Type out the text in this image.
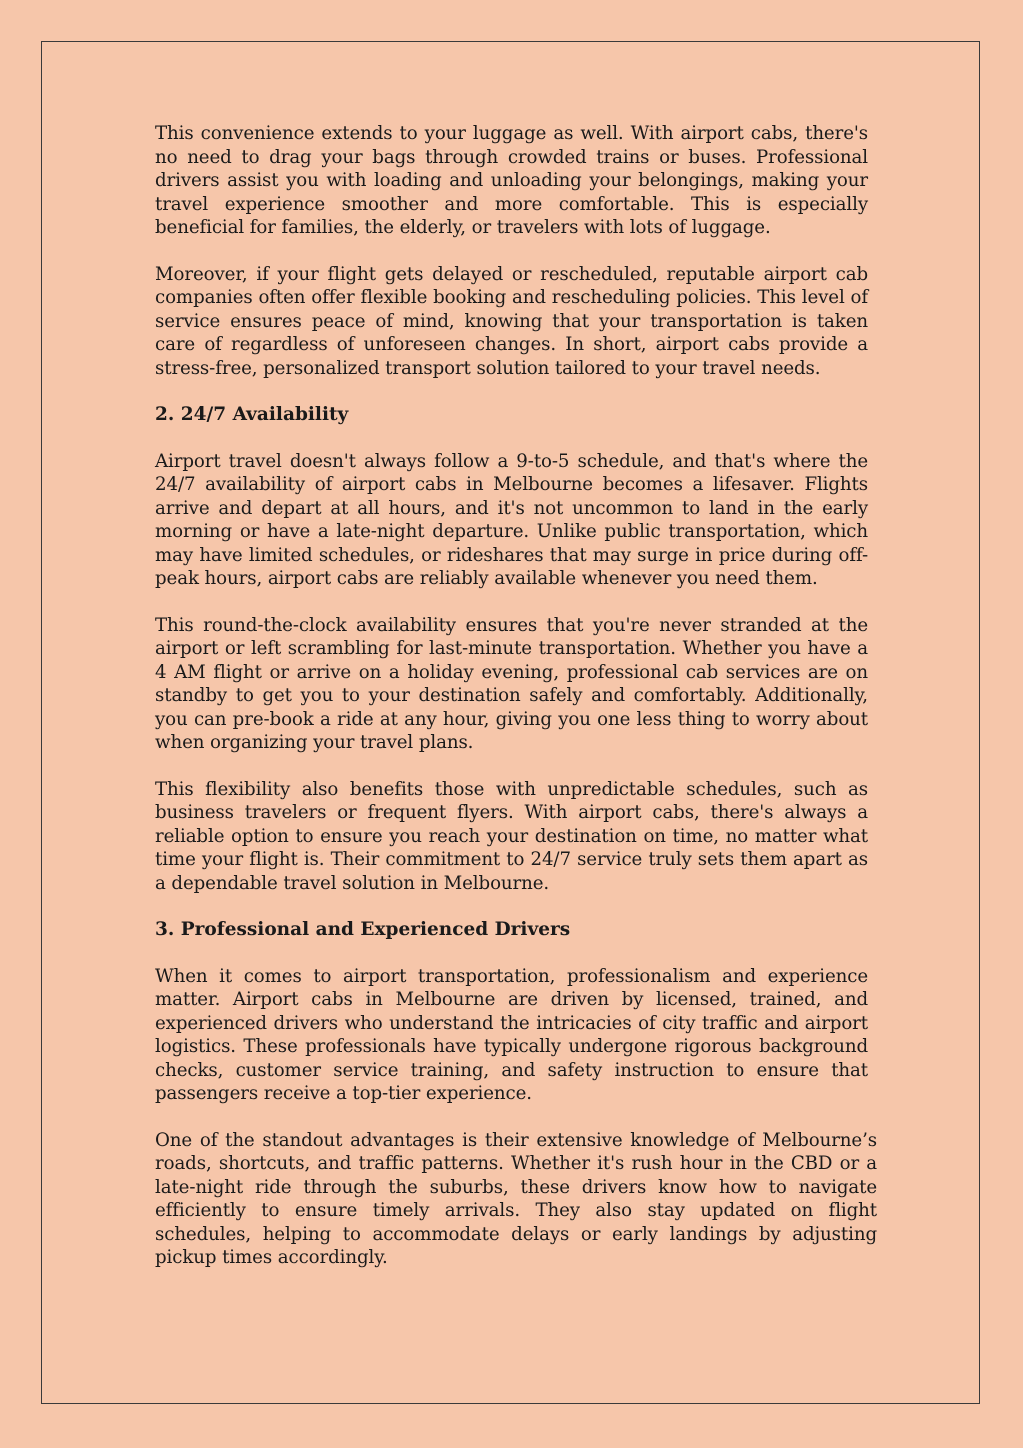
This convenience extends to your luggage as well. With airport cabs, there's no need to drag your bags through crowded trains or buses. Professional drivers assist you with loading and unloading your belongings, making your travel experience smoother and more comfortable. This is especially beneficial for families, the elderly, or travelers with lots of luggage.

Moreover, if your flight gets delayed or rescheduled, reputable airport cab companies often offer flexible booking and rescheduling policies. This level of service ensures peace of mind, knowing that your transportation is taken care of regardless of unforeseen changes. In short, airport cabs provide a stress-free, personalized transport solution tailored to your travel needs.

2. 24/7 Availability

Airport travel doesn't always follow a 9-to-5 schedule, and that's where the 24/7 availability of airport cabs in Melbourne becomes a lifesaver. Flights arrive and depart at all hours, and it's not uncommon to land in the early morning or have a late-night departure. Unlike public transportation, which may have limited schedules, or rideshares that may surge in price during off-peak hours, airport cabs are reliably available whenever you need them.

This round-the-clock availability ensures that you're never stranded at the airport or left scrambling for last-minute transportation. Whether you have a 4 AM flight or arrive on a holiday evening, professional cab services are on standby to get you to your destination safely and comfortably. Additionally, you can pre-book a ride at any hour, giving you one less thing to worry about when organizing your travel plans.

This flexibility also benefits those with unpredictable schedules, such as business travelers or frequent flyers. With airport cabs, there's always a reliable option to ensure you reach your destination on time, no matter what time your flight is. Their commitment to 24/7 service truly sets them apart as a dependable travel solution in Melbourne.

3. Professional and Experienced Drivers

When it comes to airport transportation, professionalism and experience matter. Airport cabs in Melbourne are driven by licensed, trained, and experienced drivers who understand the intricacies of city traffic and airport logistics. These professionals have typically undergone rigorous background checks, customer service training, and safety instruction to ensure that passengers receive a top-tier experience.

One of the standout advantages is their extensive knowledge of Melbourne’s roads, shortcuts, and traffic patterns. Whether it's rush hour in the CBD or a late-night ride through the suburbs, these drivers know how to navigate efficiently to ensure timely arrivals. They also stay updated on flight schedules, helping to accommodate delays or early landings by adjusting pickup times accordingly.
